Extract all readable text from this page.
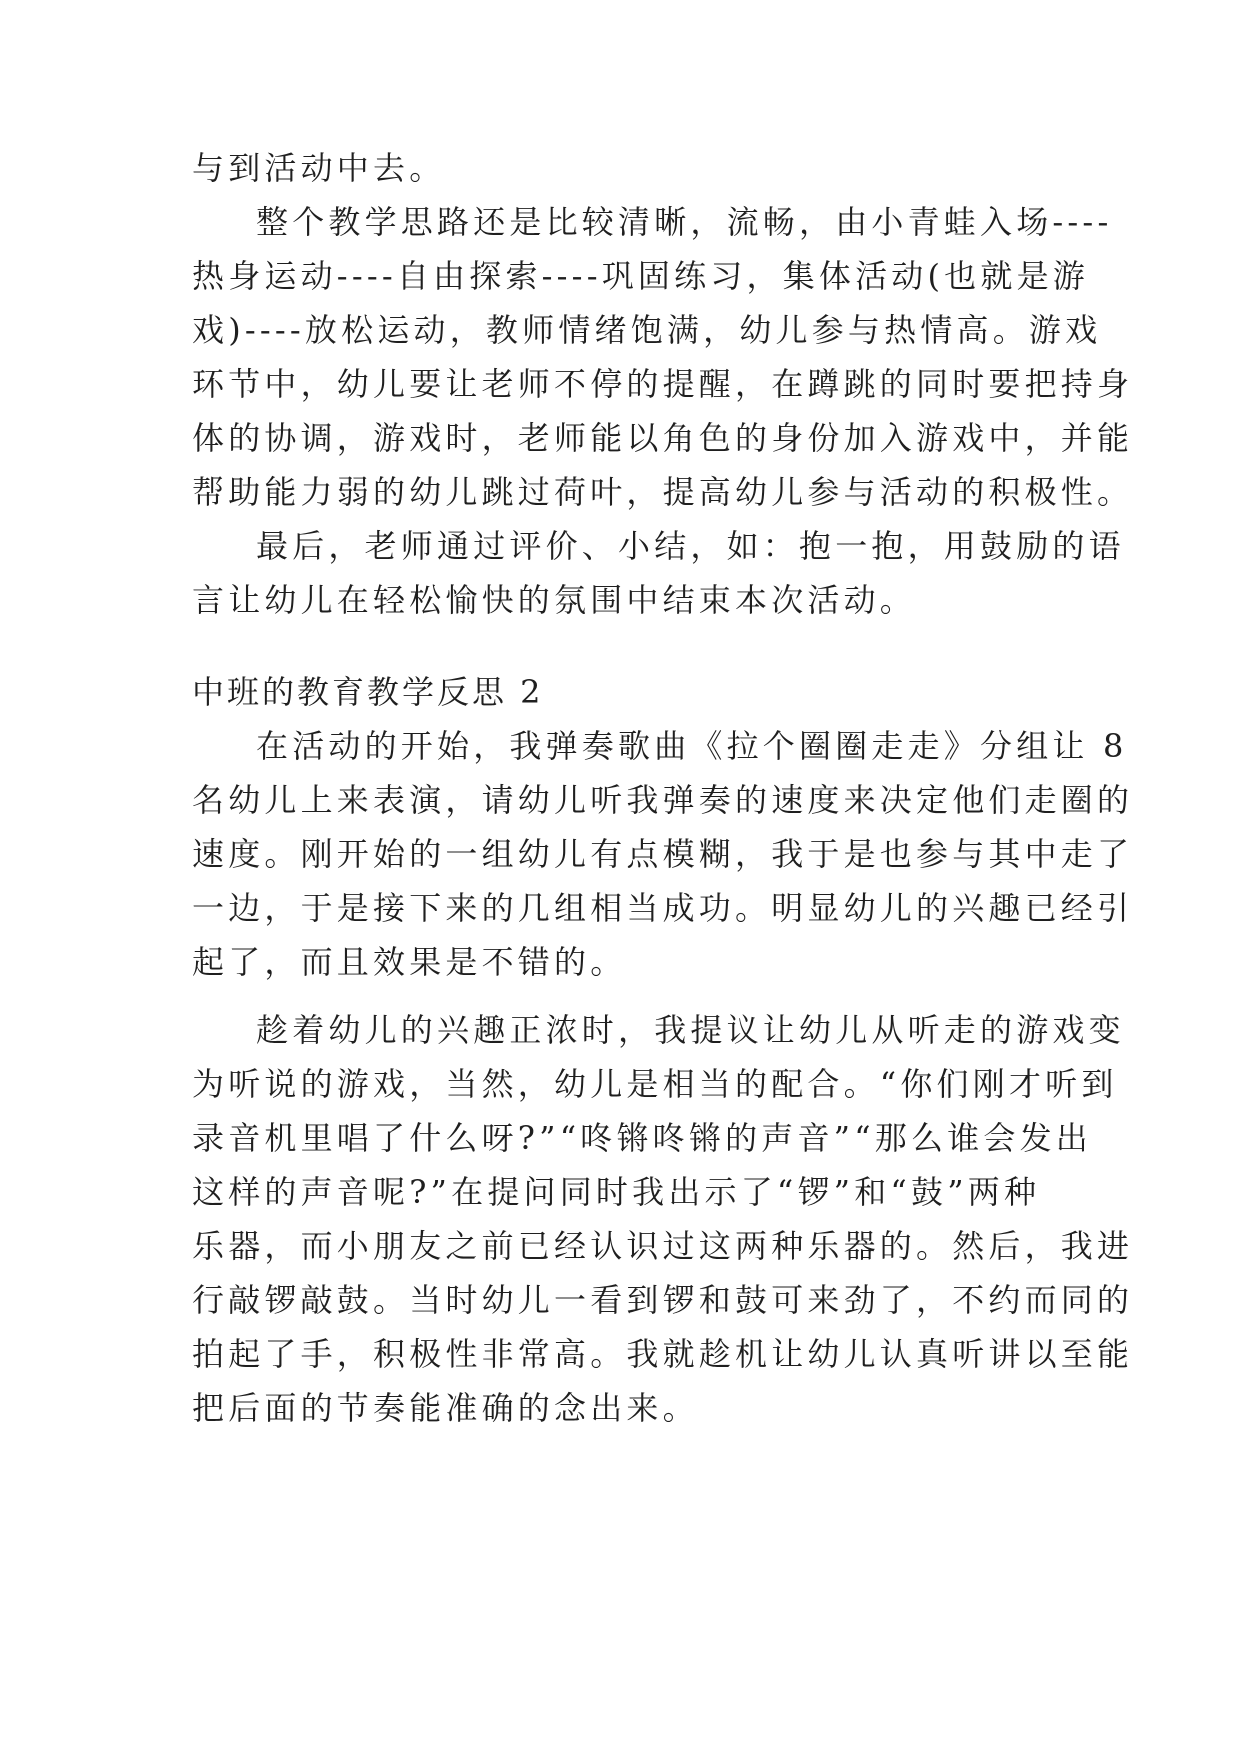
与到活动中去。

整个教学思路还是比较清晰，流畅，由小青蛙入场----

热身运动----自由探索----巩固练习，集体活动(也就是游

戏)----放松运动，教师情绪饱满，幼儿参与热情高。游戏

环节中，幼儿要让老师不停的提醒，在蹲跳的同时要把持身

体的协调，游戏时，老师能以角色的身份加入游戏中，并能

帮助能力弱的幼儿跳过荷叶，提高幼儿参与活动的积极性。

最后，老师通过评价、小结，如：抱一抱，用鼓励的语

言让幼儿在轻松愉快的氛围中结束本次活动。

中班的教育教学反思 2

在活动的开始，我弹奏歌曲《拉个圈圈走走》分组让 8

名幼儿上来表演，请幼儿听我弹奏的速度来决定他们走圈的

速度。刚开始的一组幼儿有点模糊，我于是也参与其中走了

一边，于是接下来的几组相当成功。明显幼儿的兴趣已经引

起了，而且效果是不错的。

趁着幼儿的兴趣正浓时，我提议让幼儿从听走的游戏变

为听说的游戏，当然，幼儿是相当的配合。“你们刚才听到

录音机里唱了什么呀?”“咚锵咚锵的声音”“那么谁会发出

这样的声音呢?”在提问同时我出示了“锣”和“鼓”两种

乐器，而小朋友之前已经认识过这两种乐器的。然后，我进

行敲锣敲鼓。当时幼儿一看到锣和鼓可来劲了，不约而同的

拍起了手，积极性非常高。我就趁机让幼儿认真听讲以至能

把后面的节奏能准确的念出来。
